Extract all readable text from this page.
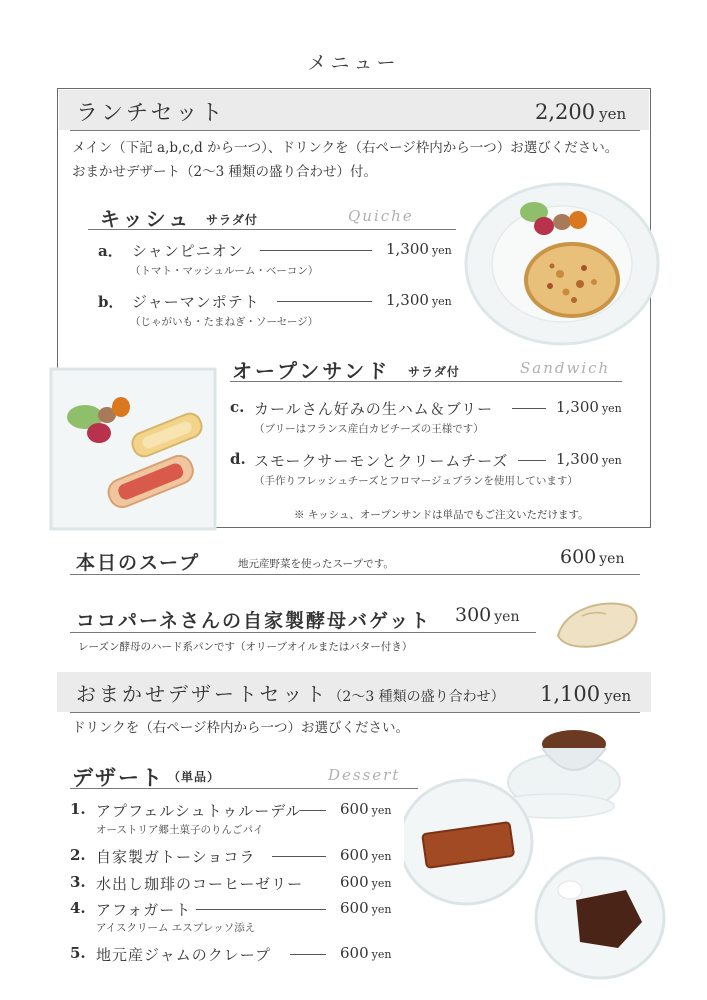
メニュー
ランチセット	2,200 yen
メイン（下記 a,b,c,d から一つ）、ドリンクを（右ページ枠内から一つ）お選びください。
おまかせデザート（2〜3 種類の盛り合わせ）付。
キッシュ サラダ付	Quiche
a． シャンピニオン	1,300 yen
（トマト・マッシュルーム・ベーコン）
b． ジャーマンポテト	1,300 yen
（じゃがいも・たまねぎ・ソーセージ）
オープンサンド サラダ付	Sandwich
c. カールさん好みの生ハム＆ブリー	1,300 yen
（ブリーはフランス産白カビチーズの王様です）
d. スモークサーモンとクリームチーズ	1,300 yen
（手作りフレッシュチーズとフロマージュブランを使用しています）
※ キッシュ、オープンサンドは単品でもご注文いただけます。
本日のスープ	地元産野菜を使ったスープです。	600 yen
ココパーネさんの自家製酵母バゲット 300 yen
レーズン酵母のハード系パンです（オリーブオイルまたはバター付き）
おまかせデザートセット（2〜3 種類の盛り合わせ） 1,100 yen
ドリンクを（右ページ枠内から一つ）お選びください。
デザート （単品）	Dessert
1. アプフェルシュトゥルーデル	600 yen
オーストリア郷土菓子のりんごパイ
2. 自家製ガトーショコラ	600 yen
3. 水出し珈琲のコーヒーゼリー 600 yen
4. アフォガート	600 yen
アイスクリーム エスプレッソ添え
5. 地元産ジャムのクレープ	600 yen
